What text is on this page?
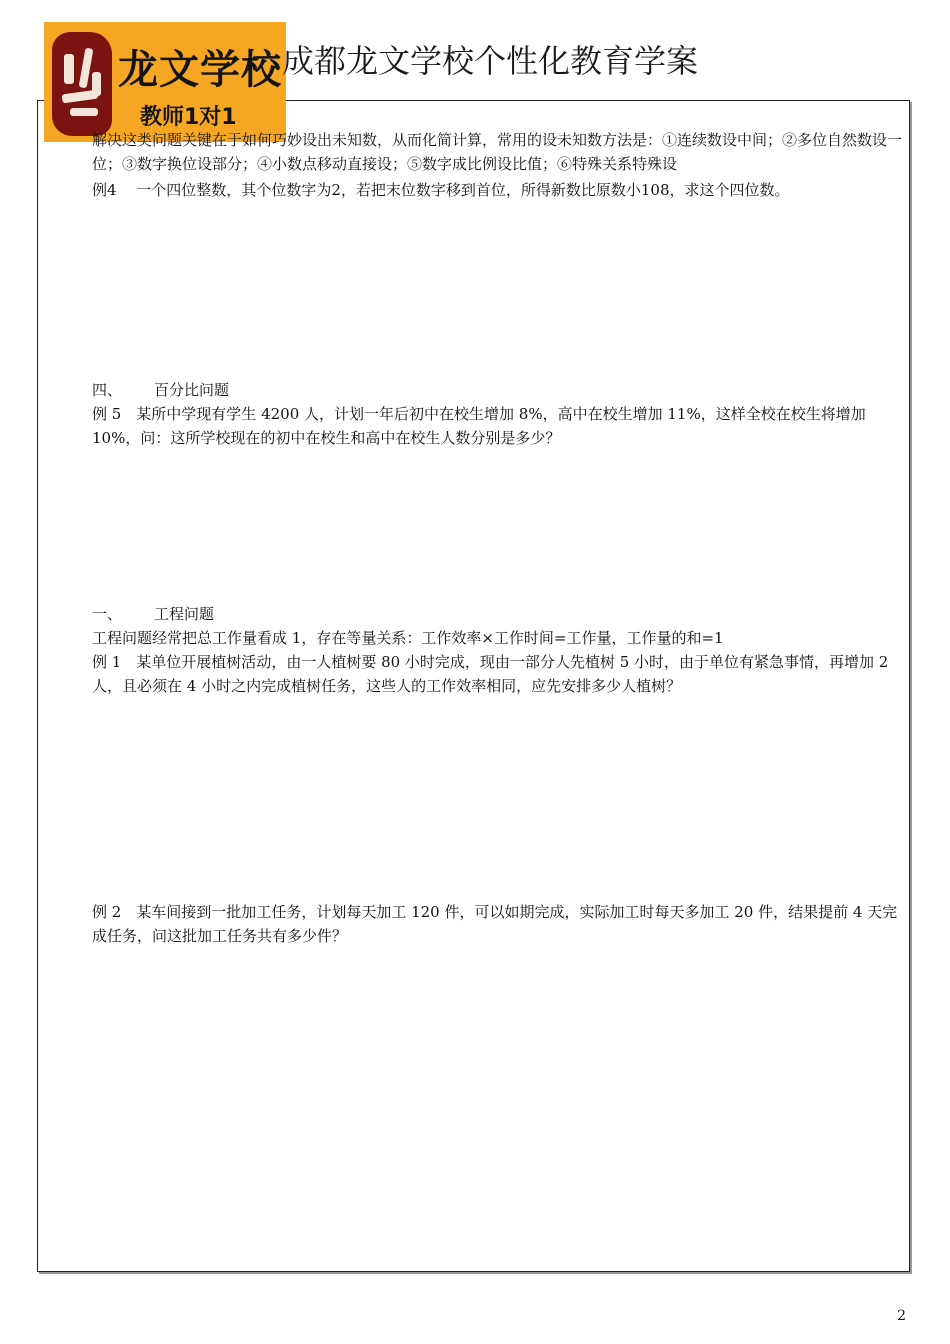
龙文学校
教师1对1
成都龙文学校个性化教育学案

解决这类问题关键在于如何巧妙设出未知数，从而化简计算，常用的设未知数方法是：①连续数设中间；②多位自然数设一位；③数字换位设部分；④小数点移动直接设；⑤数字成比例设比值；⑥特殊关系特殊设

例4　 一个四位整数，其个位数字为2，若把末位数字移到首位，所得新数比原数小108，求这个四位数。

四、 百分比问题

例 5　某所中学现有学生 4200 人，计划一年后初中在校生增加 8%，高中在校生增加 11%，这样全校在校生将增加 10%，问：这所学校现在的初中在校生和高中在校生人数分别是多少？

一、 工程问题

工程问题经常把总工作量看成 1，存在等量关系：工作效率×工作时间=工作量，工作量的和=1

例 1　某单位开展植树活动，由一人植树要 80 小时完成，现由一部分人先植树 5 小时，由于单位有紧急事情，再增加 2 人，且必须在 4 小时之内完成植树任务，这些人的工作效率相同，应先安排多少人植树？

例 2　某车间接到一批加工任务，计划每天加工 120 件，可以如期完成，实际加工时每天多加工 20 件，结果提前 4 天完成任务，问这批加工任务共有多少件？

2
